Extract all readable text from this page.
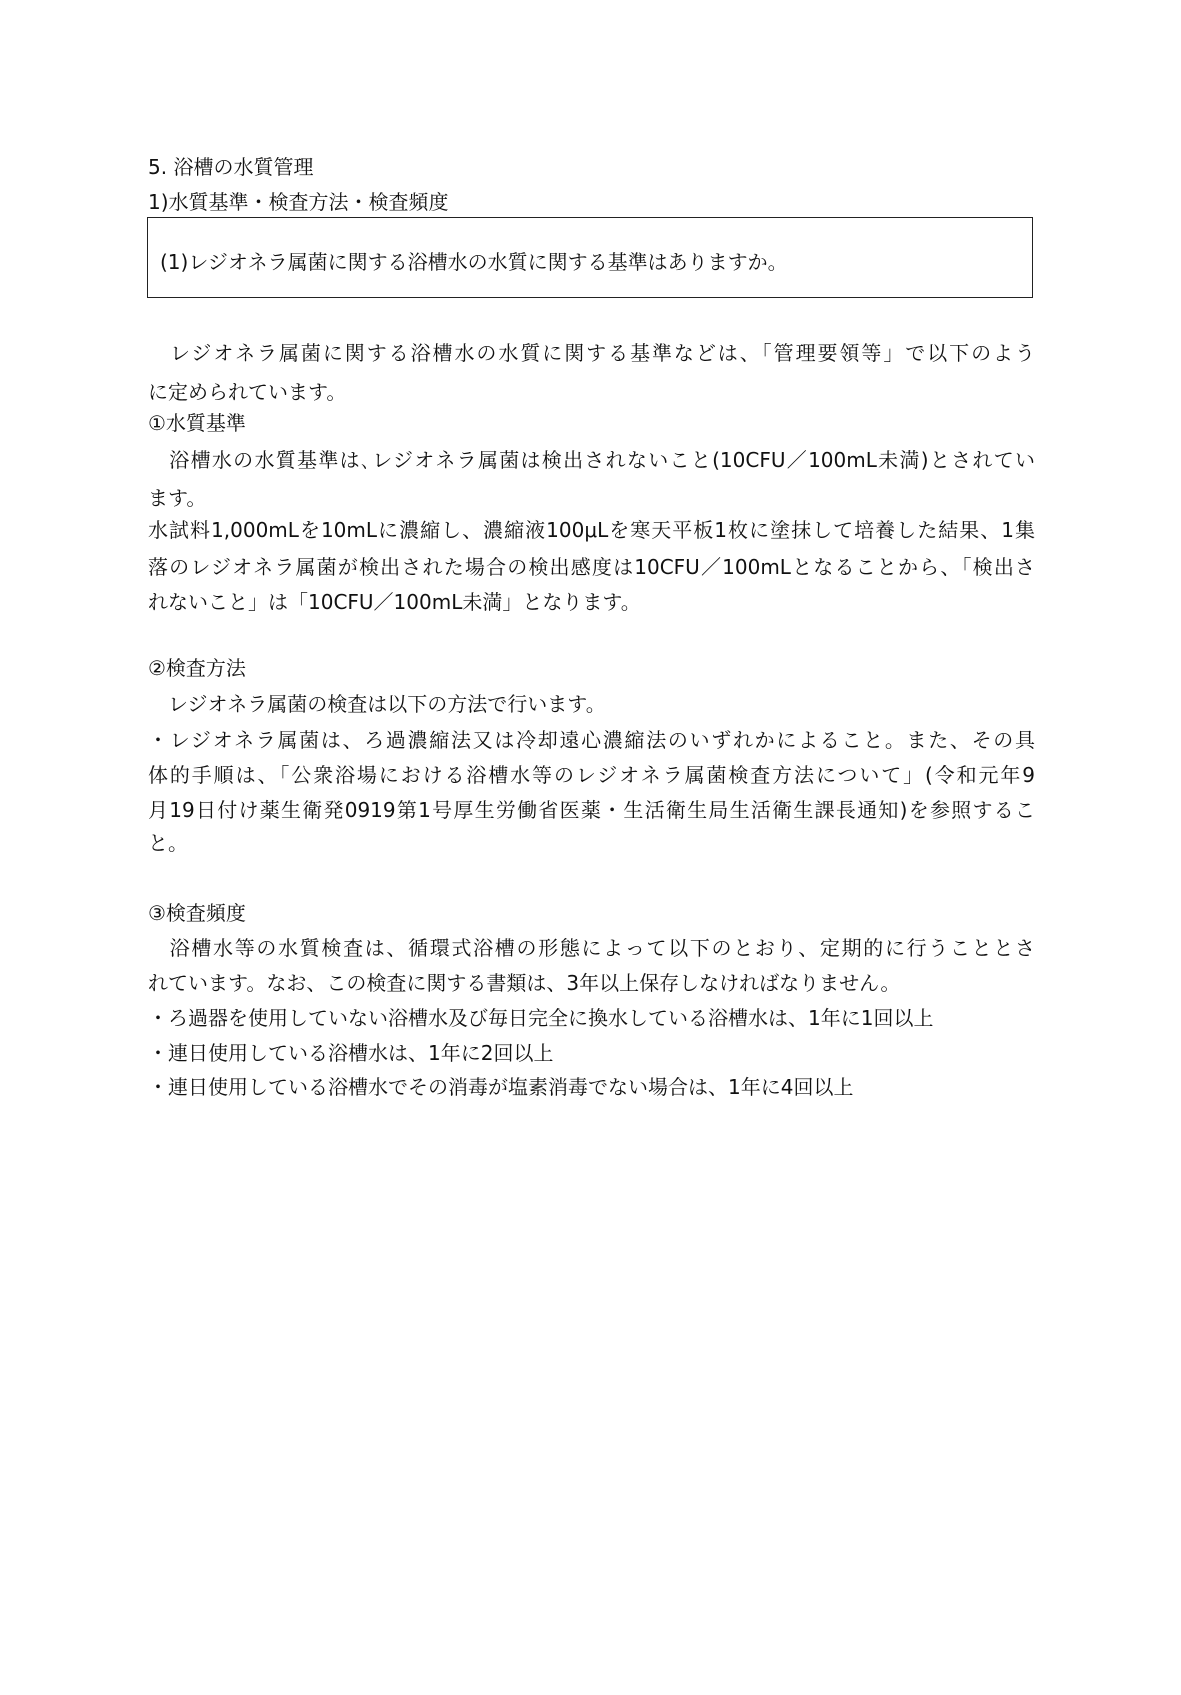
5. 浴槽の水質管理
1)水質基準・検査方法・検査頻度
(1)レジオネラ属菌に関する浴槽水の水質に関する基準はありますか。
　レジオネラ属菌に関する浴槽水の水質に関する基準などは、「管理要領等」で以下のよう
に定められています。
①水質基準
　浴槽水の水質基準は､レジオネラ属菌は検出されないこと(10CFU／100mL未満)とされてい
ます。
水試料1,000mLを10mLに濃縮し、濃縮液100μLを寒天平板1枚に塗抹して培養した結果、1集
落のレジオネラ属菌が検出された場合の検出感度は10CFU／100mLとなることから、「検出さ
れないこと」は「10CFU／100mL未満」となります。
②検査方法
　レジオネラ属菌の検査は以下の方法で行います。
・レジオネラ属菌は、ろ過濃縮法又は冷却遠心濃縮法のいずれかによること。また、その具
体的手順は、「公衆浴場における浴槽水等のレジオネラ属菌検査方法について」(令和元年9
月19日付け薬生衛発0919第1号厚生労働省医薬・生活衛生局生活衛生課長通知)を参照するこ
と。
③検査頻度
　浴槽水等の水質検査は、循環式浴槽の形態によって以下のとおり、定期的に行うこととさ
れています。なお、この検査に関する書類は、3年以上保存しなければなりません。
・ろ過器を使用していない浴槽水及び毎日完全に換水している浴槽水は、1年に1回以上
・連日使用している浴槽水は、1年に2回以上
・連日使用している浴槽水でその消毒が塩素消毒でない場合は、1年に4回以上
